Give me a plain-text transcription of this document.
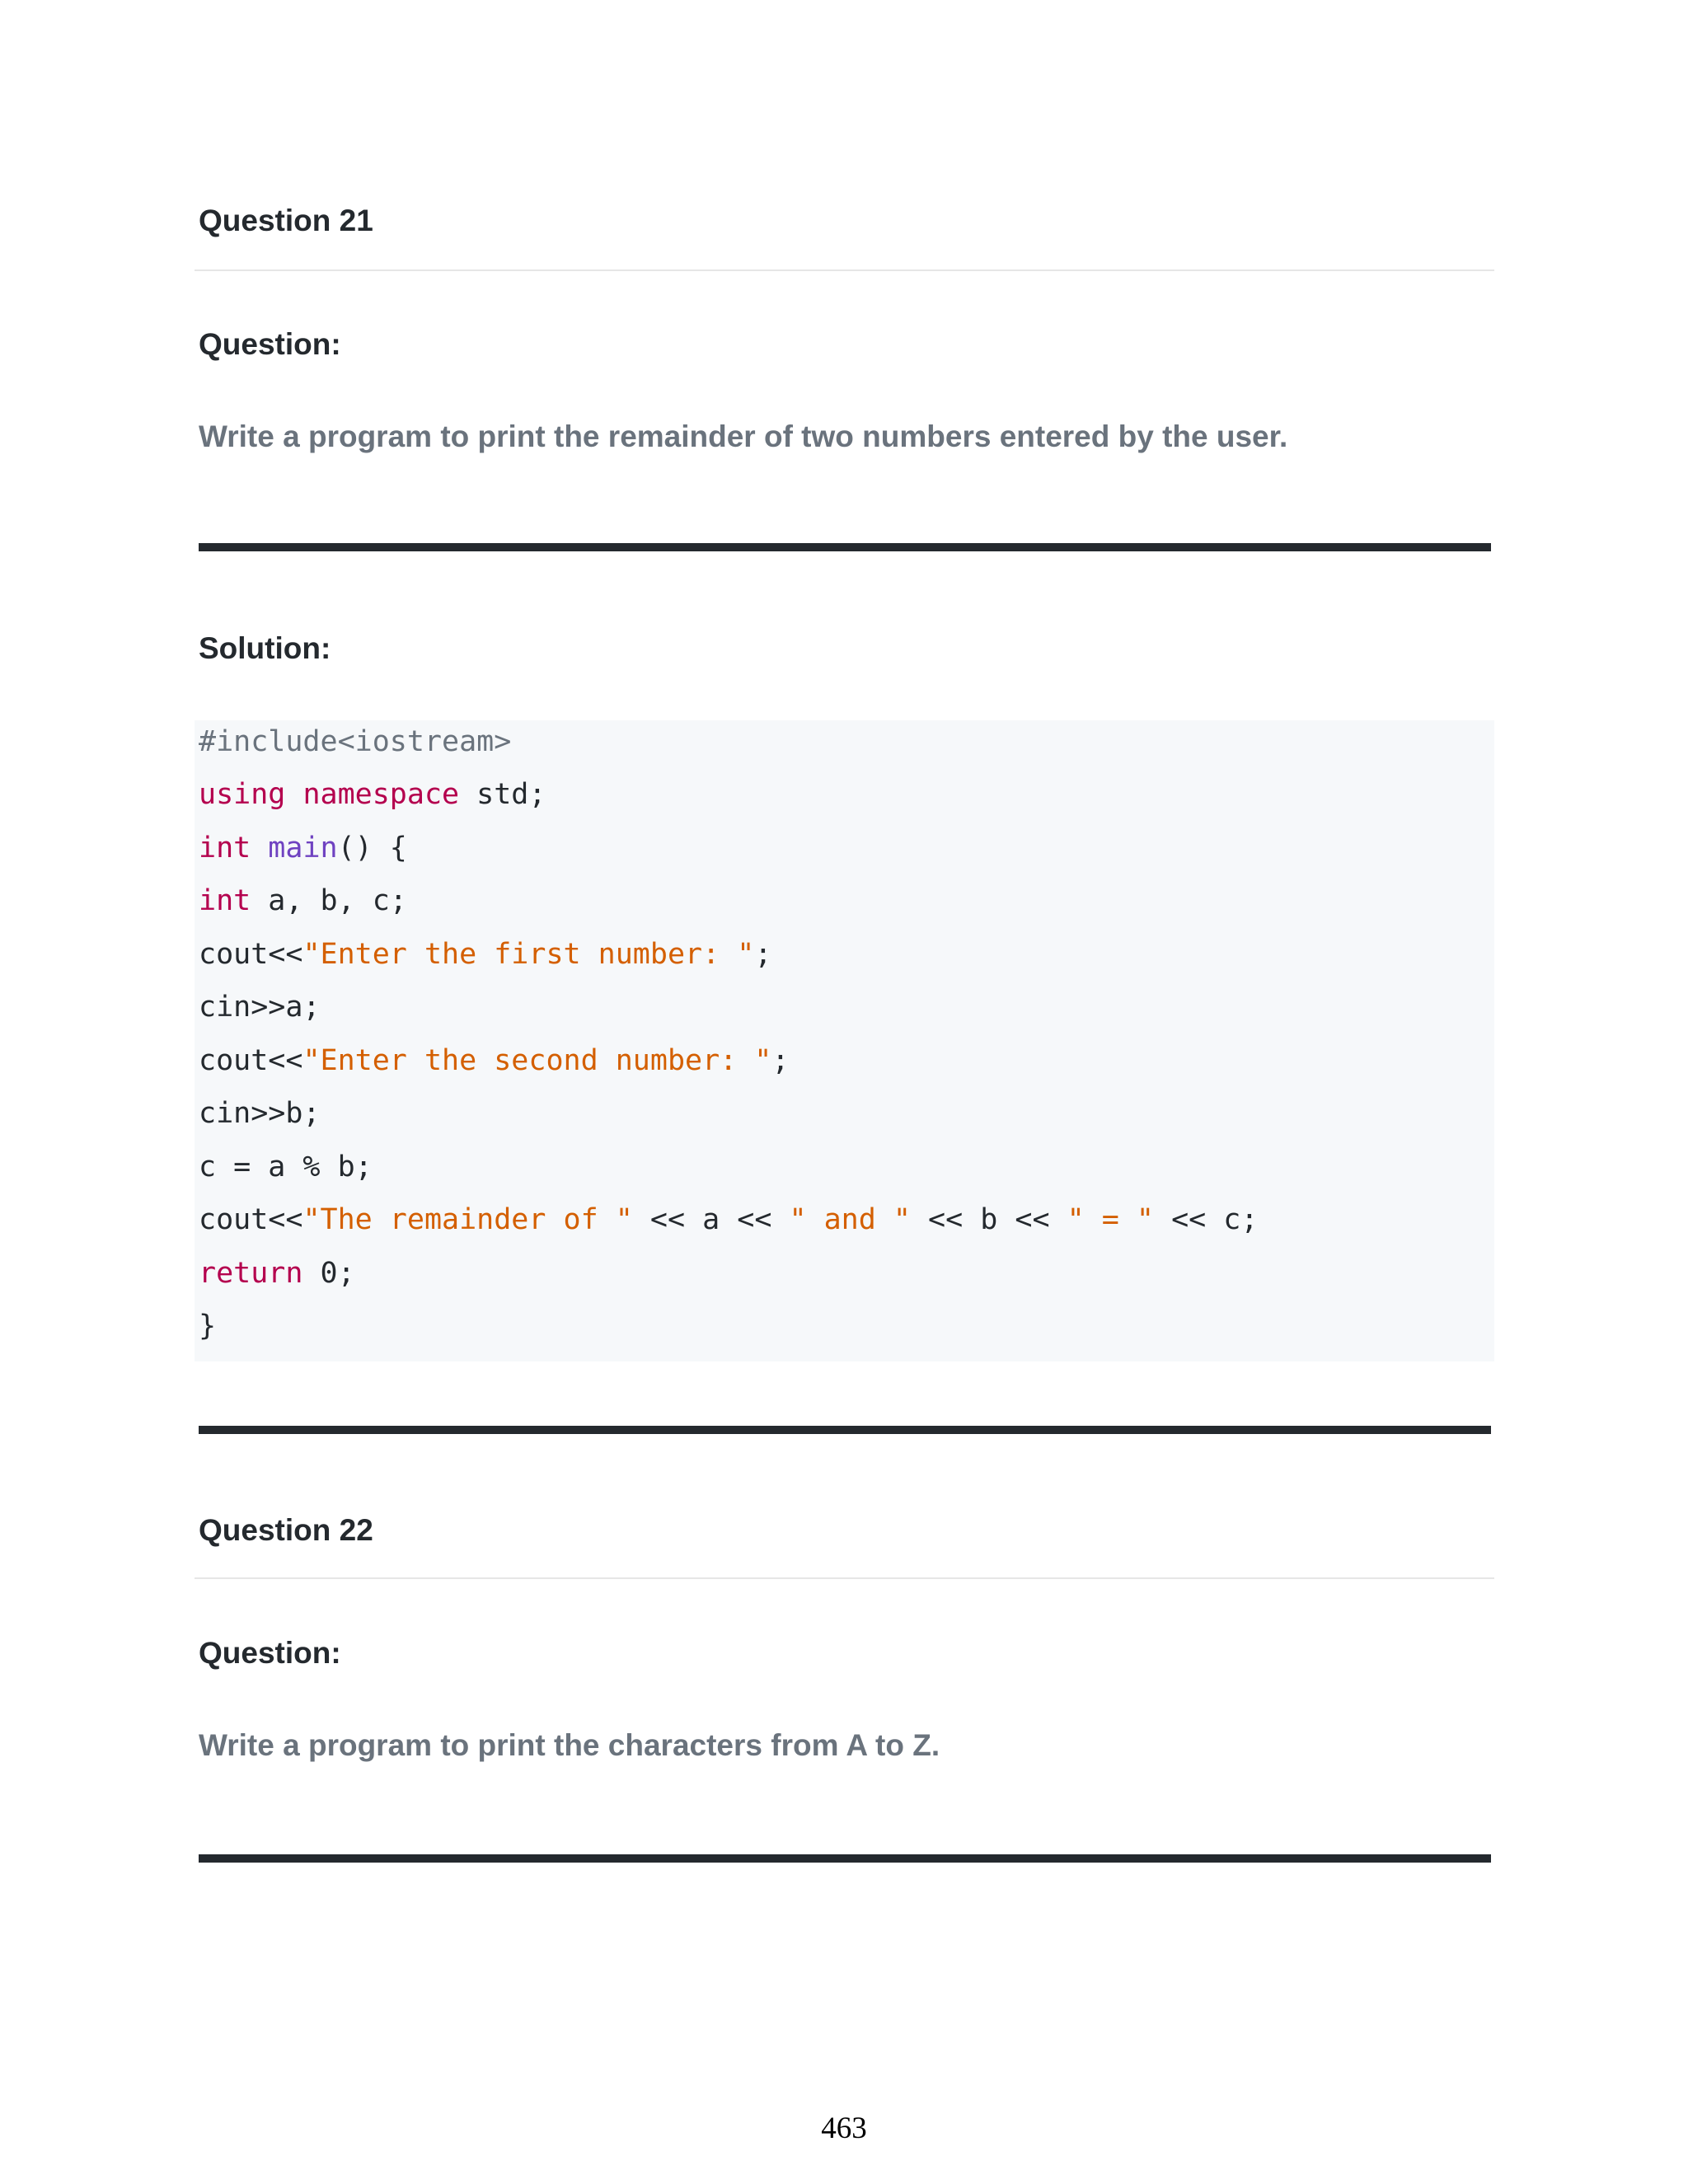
Question 21
Question:
Write a program to print the remainder of two numbers entered by the user.
Solution:
#include<iostream>
using namespace std;
int main() {
int a, b, c;
cout<<"Enter the first number: ";
cin>>a;
cout<<"Enter the second number: ";
cin>>b;
c = a % b;
cout<<"The remainder of " << a << " and " << b << " = " << c;
return 0;
}
Question 22
Question:
Write a program to print the characters from A to Z.
463
